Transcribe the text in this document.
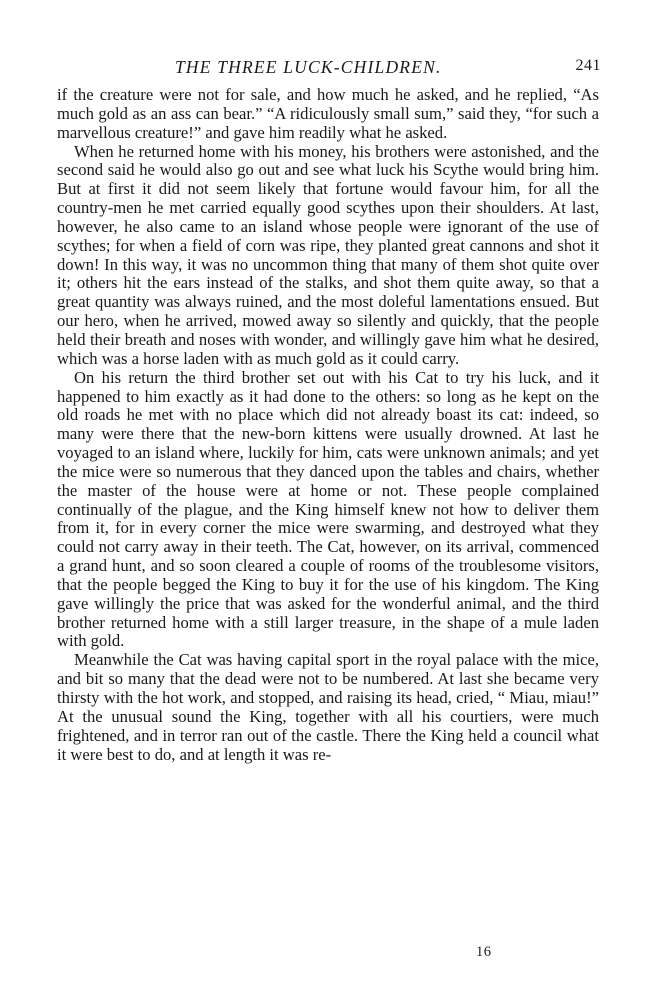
THE THREE LUCK-CHILDREN.	241

if the creature were not for sale, and how much he asked, and he replied, “As much gold as an ass can bear.” “A ridiculously small sum,” said they, “for such a marvellous creature!” and gave him readily what he asked.

When he returned home with his money, his brothers were astonished, and the second said he would also go out and see what luck his Scythe would bring him. But at first it did not seem likely that fortune would favour him, for all the country-men he met carried equally good scythes upon their shoulders. At last, however, he also came to an island whose people were ignorant of the use of scythes; for when a field of corn was ripe, they planted great cannons and shot it down! In this way, it was no uncommon thing that many of them shot quite over it; others hit the ears instead of the stalks, and shot them quite away, so that a great quantity was always ruined, and the most doleful lamentations ensued. But our hero, when he arrived, mowed away so silently and quickly, that the people held their breath and noses with wonder, and willingly gave him what he desired, which was a horse laden with as much gold as it could carry.

On his return the third brother set out with his Cat to try his luck, and it happened to him exactly as it had done to the others: so long as he kept on the old roads he met with no place which did not already boast its cat: indeed, so many were there that the new-born kittens were usually drowned. At last he voyaged to an island where, luckily for him, cats were unknown animals; and yet the mice were so numerous that they danced upon the tables and chairs, whether the master of the house were at home or not. These people complained continually of the plague, and the King himself knew not how to deliver them from it, for in every corner the mice were swarming, and destroyed what they could not carry away in their teeth. The Cat, however, on its arrival, commenced a grand hunt, and so soon cleared a couple of rooms of the troublesome visitors, that the people begged the King to buy it for the use of his kingdom. The King gave willingly the price that was asked for the wonderful animal, and the third brother returned home with a still larger treasure, in the shape of a mule laden with gold.

Meanwhile the Cat was having capital sport in the royal palace with the mice, and bit so many that the dead were not to be numbered. At last she became very thirsty with the hot work, and stopped, and raising its head, cried, “ Miau, miau!” At the unusual sound the King, together with all his courtiers, were much frightened, and in terror ran out of the castle. There the King held a council what it were best to do, and at length it was re-

16
